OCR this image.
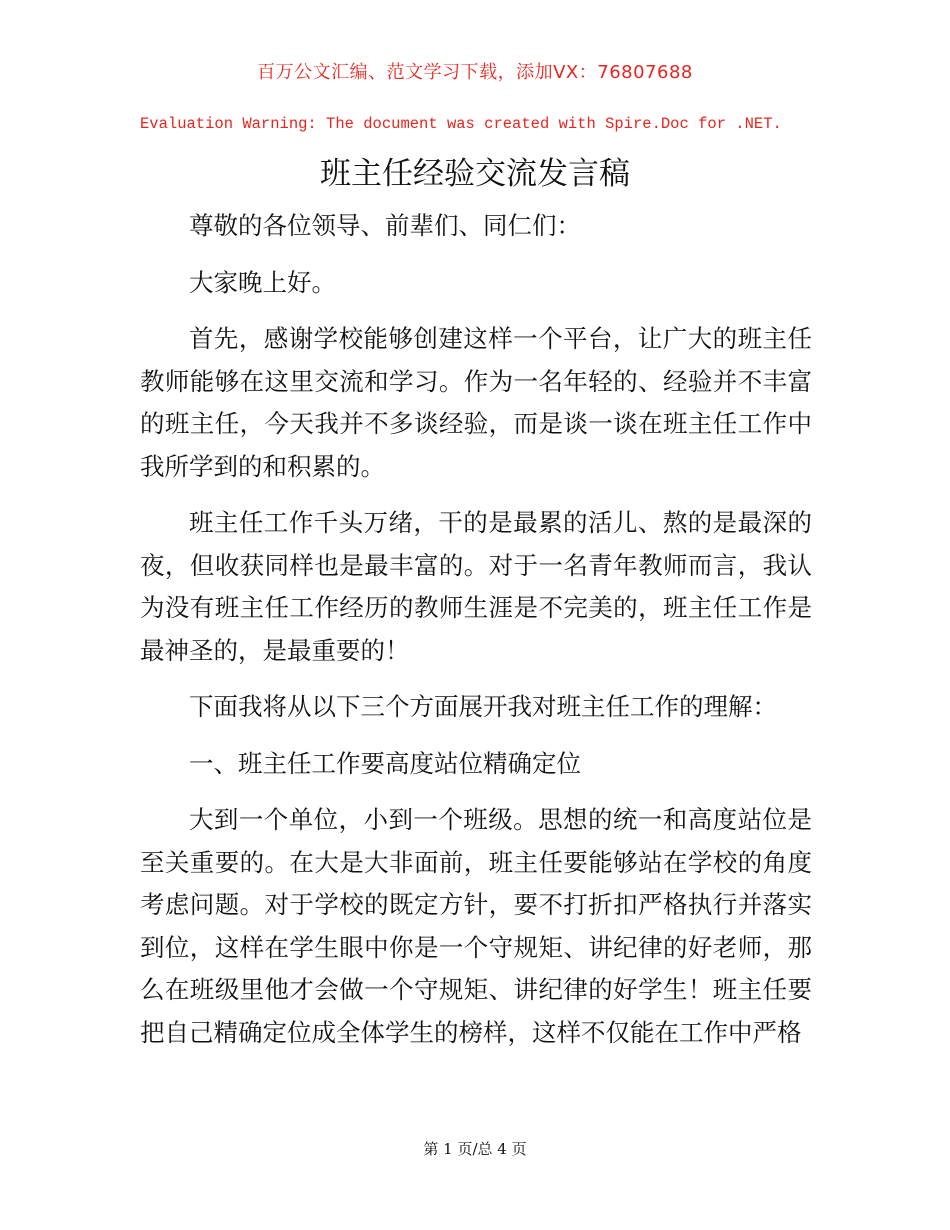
百万公文汇编、范文学习下载，添加VX：76807688
Evaluation Warning: The document was created with Spire.Doc for .NET.
班主任经验交流发言稿

尊敬的各位领导、前辈们、同仁们：

大家晚上好。

首先，感谢学校能够创建这样一个平台，让广大的班主任教师能够在这里交流和学习。作为一名年轻的、经验并不丰富的班主任，今天我并不多谈经验，而是谈一谈在班主任工作中我所学到的和积累的。

班主任工作千头万绪，干的是最累的活儿、熬的是最深的夜，但收获同样也是最丰富的。对于一名青年教师而言，我认为没有班主任工作经历的教师生涯是不完美的，班主任工作是最神圣的，是最重要的！

下面我将从以下三个方面展开我对班主任工作的理解：

一、班主任工作要高度站位精确定位

大到一个单位，小到一个班级。思想的统一和高度站位是至关重要的。在大是大非面前，班主任要能够站在学校的角度考虑问题。对于学校的既定方针，要不打折扣严格执行并落实到位，这样在学生眼中你是一个守规矩、讲纪律的好老师，那么在班级里他才会做一个守规矩、讲纪律的好学生！班主任要把自己精确定位成全体学生的榜样，这样不仅能在工作中严格

第 1 页/总 4 页
